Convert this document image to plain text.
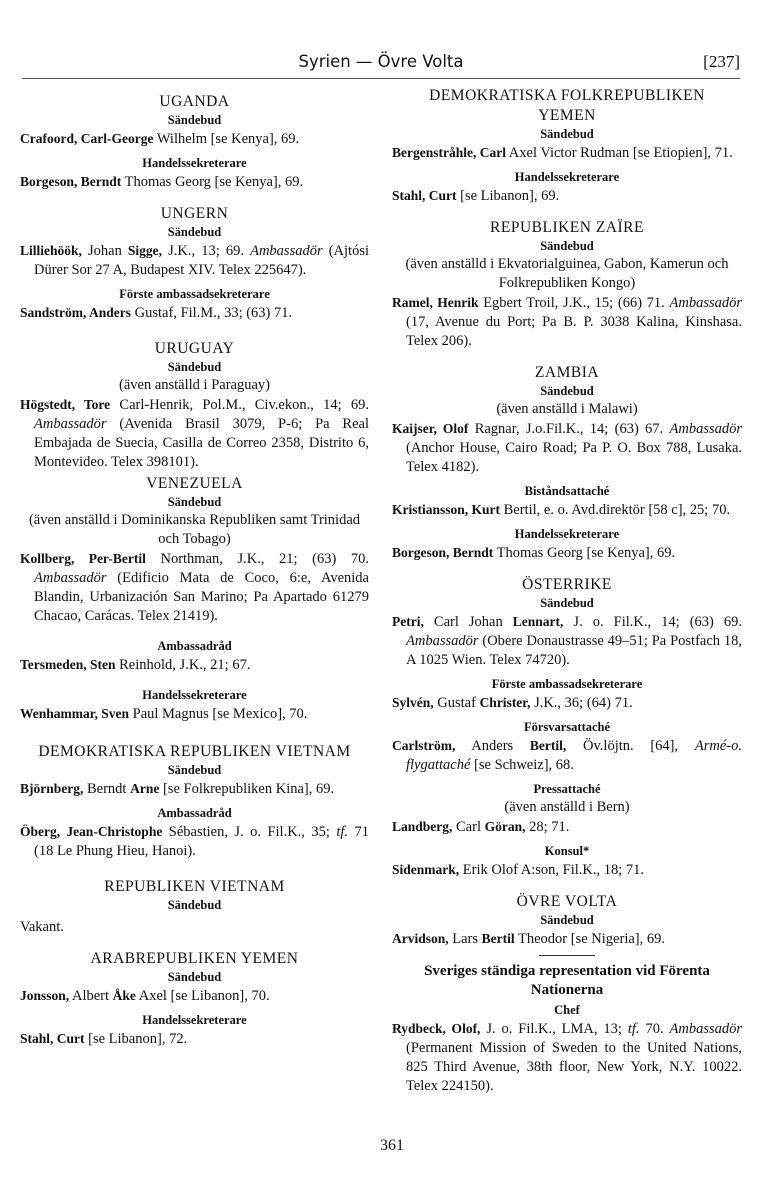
Syrien — Övre Volta	[237]
UGANDA
Sändebud
Crafoord, Carl-George Wilhelm [se Kenya], 69.
Handelssekreterare
Borgeson, Berndt Thomas Georg [se Kenya], 69.
UNGERN
Sändebud
Lilliehöök, Johan Sigge, J.K., 13; 69. Ambassadör (Ajtósi Dürer Sor 27 A, Budapest XIV. Telex 225647).
Förste ambassadsekreterare
Sandström, Anders Gustaf, Fil.M., 33; (63) 71.
URUGUAY
Sändebud
(även anställd i Paraguay)
Högstedt, Tore Carl-Henrik, Pol.M., Civ.ekon., 14; 69. Ambassadör (Avenida Brasil 3079, P-6; Pa Real Embajada de Suecia, Casilla de Correo 2358, Distrito 6, Montevideo. Telex 398101).
VENEZUELA
Sändebud
(även anställd i Dominikanska Republiken samt Trinidad och Tobago)
Kollberg, Per-Bertil Northman, J.K., 21; (63) 70. Ambassadör (Edificio Mata de Coco, 6:e, Avenida Blandin, Urbanización San Marino; Pa Apartado 61279 Chacao, Carácas. Telex 21419).
Ambassadråd
Tersmeden, Sten Reinhold, J.K., 21; 67.
Handelssekreterare
Wenhammar, Sven Paul Magnus [se Mexico], 70.
DEMOKRATISKA REPUBLIKEN VIETNAM
Sändebud
Björnberg, Berndt Arne [se Folkrepubliken Kina], 69.
Ambassadråd
Öberg, Jean-Christophe Sébastien, J. o. Fil.K., 35; tf. 71 (18 Le Phung Hieu, Hanoi).
REPUBLIKEN VIETNAM
Sändebud
Vakant.
ARABREPUBLIKEN YEMEN
Sändebud
Jonsson, Albert Åke Axel [se Libanon], 70.
Handelssekreterare
Stahl, Curt [se Libanon], 72.
DEMOKRATISKA FOLKREPUBLIKEN YEMEN
Sändebud
Bergenstråhle, Carl Axel Victor Rudman [se Etiopien], 71.
Handelssekreterare
Stahl, Curt [se Libanon], 69.
REPUBLIKEN ZAÏRE
Sändebud
(även anställd i Ekvatorialguinea, Gabon, Kamerun och Folkrepubliken Kongo)
Ramel, Henrik Egbert Troil, J.K., 15; (66) 71. Ambassadör (17, Avenue du Port; Pa B. P. 3038 Kalina, Kinshasa. Telex 206).
ZAMBIA
Sändebud
(även anställd i Malawi)
Kaijser, Olof Ragnar, J.o.Fil.K., 14; (63) 67. Ambassadör (Anchor House, Cairo Road; Pa P. O. Box 788, Lusaka. Telex 4182).
Biståndsattaché
Kristiansson, Kurt Bertil, e. o. Avd.direktör [58 c], 25; 70.
Handelssekreterare
Borgeson, Berndt Thomas Georg [se Kenya], 69.
ÖSTERRIKE
Sändebud
Petri, Carl Johan Lennart, J. o. Fil.K., 14; (63) 69. Ambassadör (Obere Donaustrasse 49–51; Pa Postfach 18, A 1025 Wien. Telex 74720).
Förste ambassadsekreterare
Sylvén, Gustaf Christer, J.K., 36; (64) 71.
Försvarsattaché
Carlström, Anders Bertil, Öv.löjtn. [64], Armé-o. flygattaché [se Schweiz], 68.
Pressattaché
(även anställd i Bern)
Landberg, Carl Göran, 28; 71.
Konsul*
Sidenmark, Erik Olof A:son, Fil.K., 18; 71.
ÖVRE VOLTA
Sändebud
Arvidson, Lars Bertil Theodor [se Nigeria], 69.
Sveriges ständiga representation vid Förenta Nationerna
Chef
Rydbeck, Olof, J. o. Fil.K., LMA, 13; tf. 70. Ambassadör (Permanent Mission of Sweden to the United Nations, 825 Third Avenue, 38th floor, New York, N.Y. 10022. Telex 224150).
361
